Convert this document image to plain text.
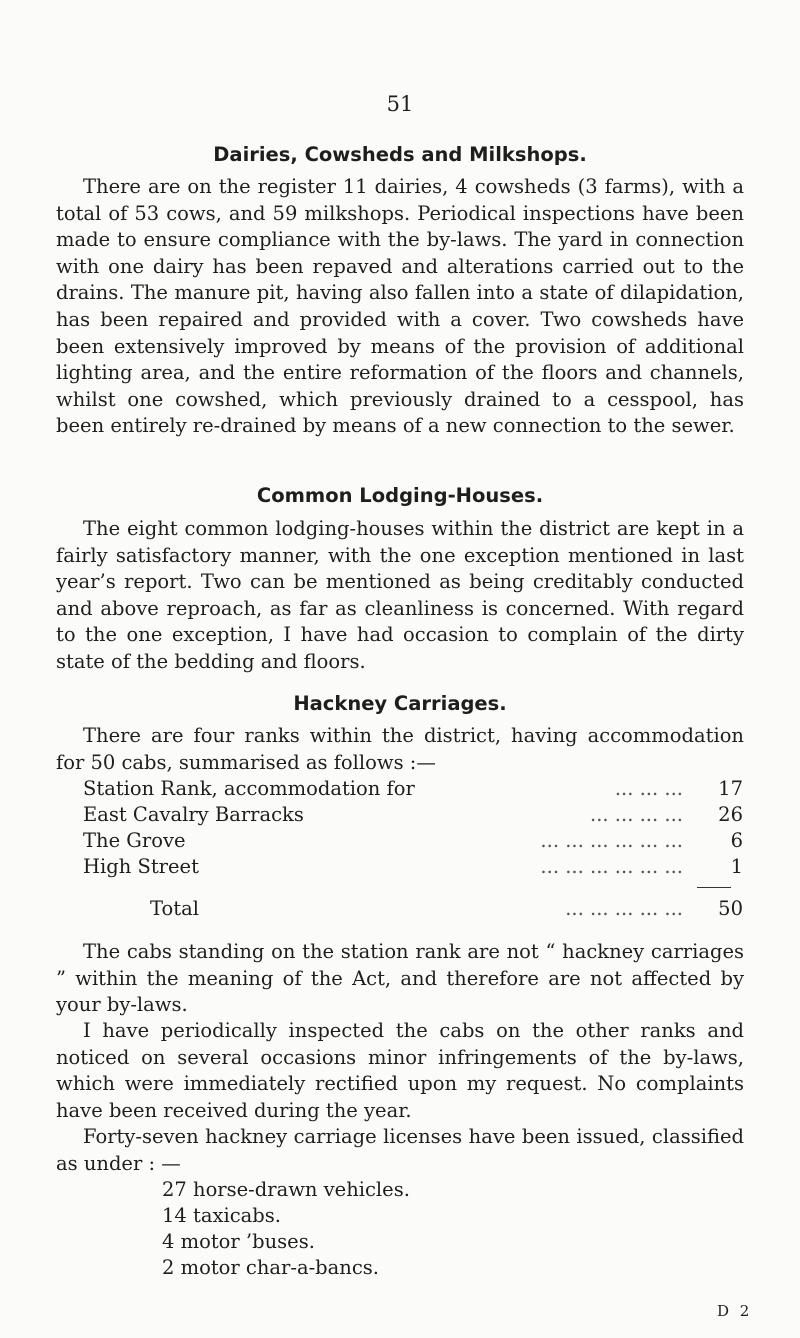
51
Dairies, Cowsheds and Milkshops.

There are on the register 11 dairies, 4 cowsheds (3 farms), with a total of 53 cows, and 59 milkshops. Periodical inspections have been made to ensure compliance with the by-laws. The yard in connection with one dairy has been repaved and alterations carried out to the drains. The manure pit, having also fallen into a state of dilapidation, has been repaired and provided with a cover. Two cowsheds have been extensively improved by means of the provision of additional lighting area, and the entire reformation of the floors and channels, whilst one cowshed, which previously drained to a cesspool, has been entirely re-drained by means of a new connection to the sewer.

Common Lodging-Houses.

The eight common lodging-houses within the district are kept in a fairly satisfactory manner, with the one exception mentioned in last year’s report. Two can be mentioned as being creditably conducted and above reproach, as far as cleanliness is concerned. With regard to the one exception, I have had occasion to complain of the dirty state of the bedding and floors.

Hackney Carriages.

There are four ranks within the district, having accommodation for 50 cabs, summarised as follows :—

Station Rank, accommodation for	... ... ... 17
East Cavalry Barracks	... ... ... ... 26
The Grove	... ... ... ... ... ... 6
High Street	... ... ... ... ... ... 1
Total	... ... ... ... ... 50

The cabs standing on the station rank are not “ hackney carriages ” within the meaning of the Act, and therefore are not affected by your by-laws.

I have periodically inspected the cabs on the other ranks and noticed on several occasions minor infringements of the by-laws, which were immediately rectified upon my request. No complaints have been received during the year.

Forty-seven hackney carriage licenses have been issued, classified as under : —

27 horse-drawn vehicles.
14 taxicabs.
4 motor ’buses.
2 motor char-a-bancs.
D 2
